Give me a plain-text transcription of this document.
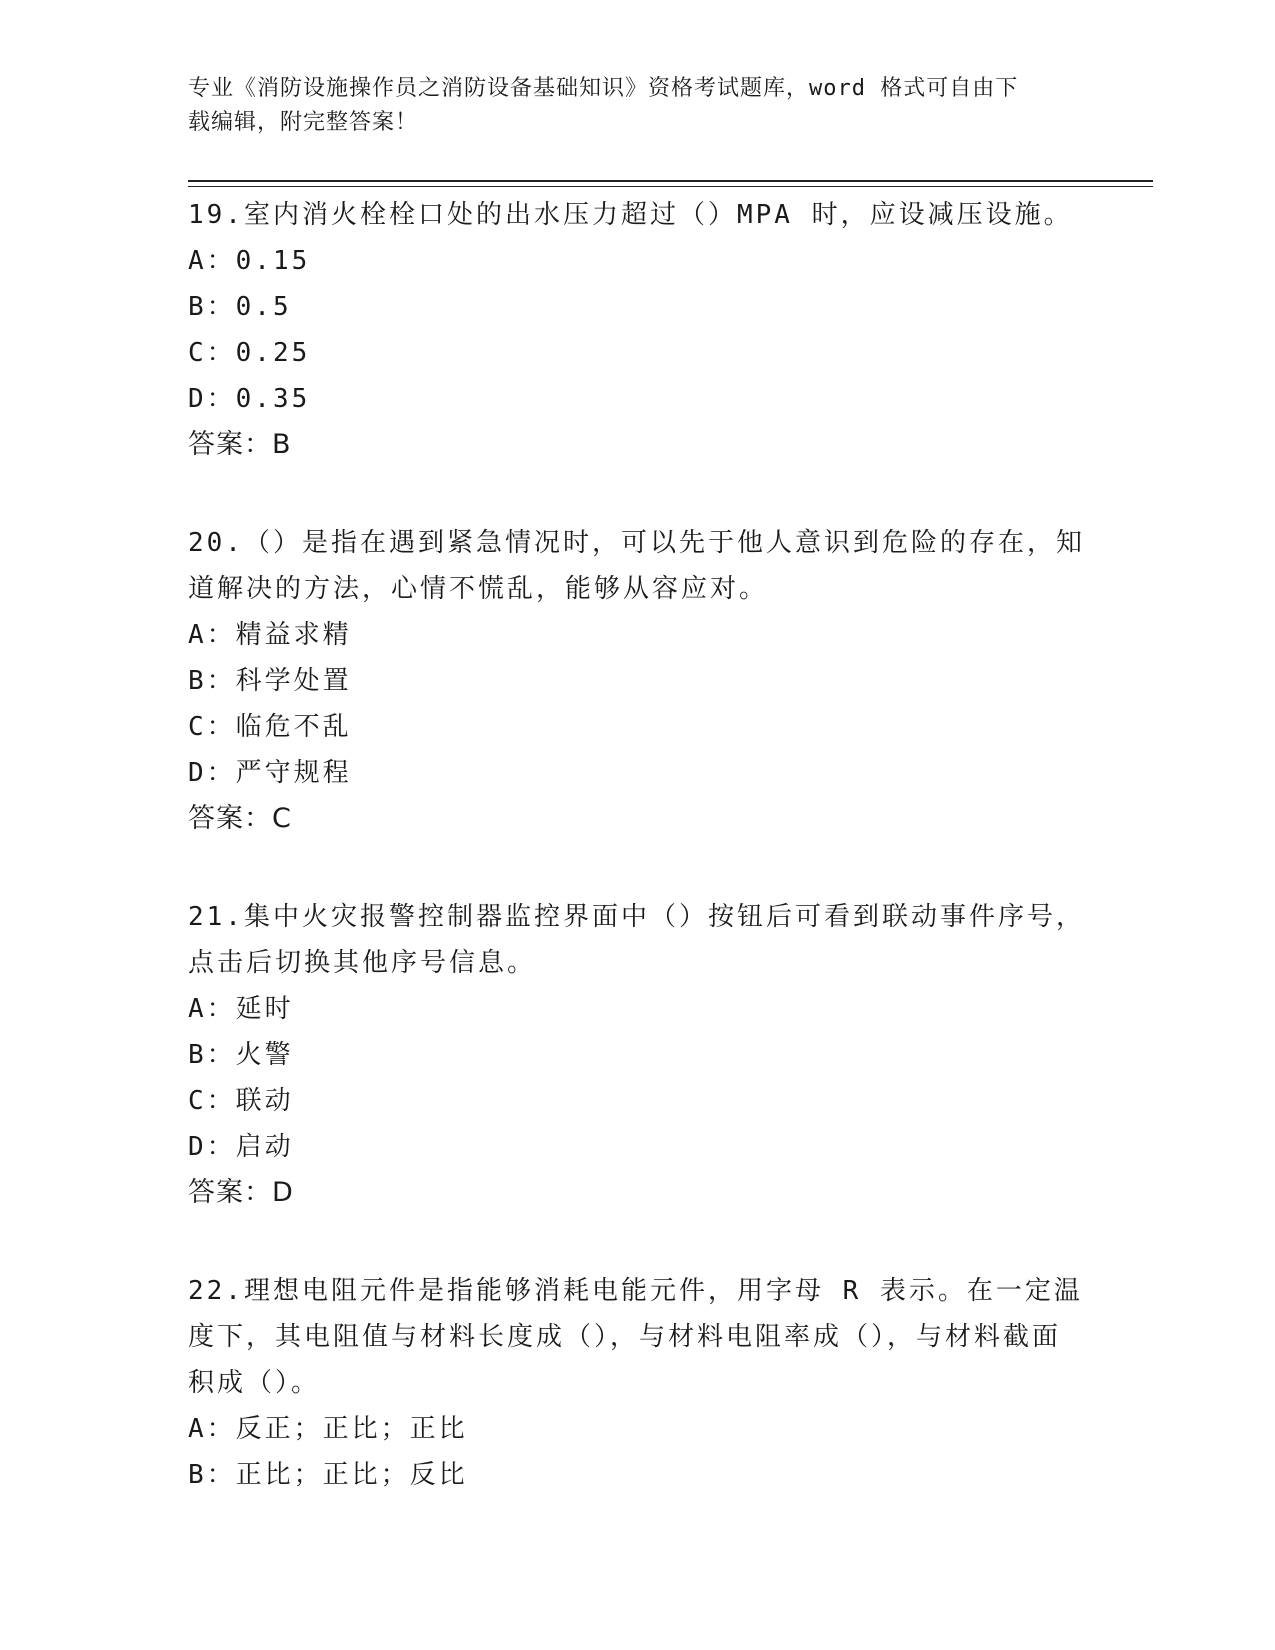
专业《消防设施操作员之消防设备基础知识》资格考试题库，word 格式可自由下
载编辑，附完整答案！
19.室内消火栓栓口处的出水压力超过（）MPA 时，应设减压设施。
A： 0.15
B： 0.5
C： 0.25
D： 0.35
答案：B
20.（）是指在遇到紧急情况时，可以先于他人意识到危险的存在，知道解决的方法，心情不慌乱，能够从容应对。
A： 精益求精
B： 科学处置
C： 临危不乱
D： 严守规程
答案：C
21.集中火灾报警控制器监控界面中（）按钮后可看到联动事件序号，点击后切换其他序号信息。
A： 延时
B： 火警
C： 联动
D： 启动
答案：D
22.理想电阻元件是指能够消耗电能元件，用字母 R 表示。在一定温度下，其电阻值与材料长度成（），与材料电阻率成（），与材料截面积成（）。
A： 反正；正比；正比
B： 正比；正比；反比
